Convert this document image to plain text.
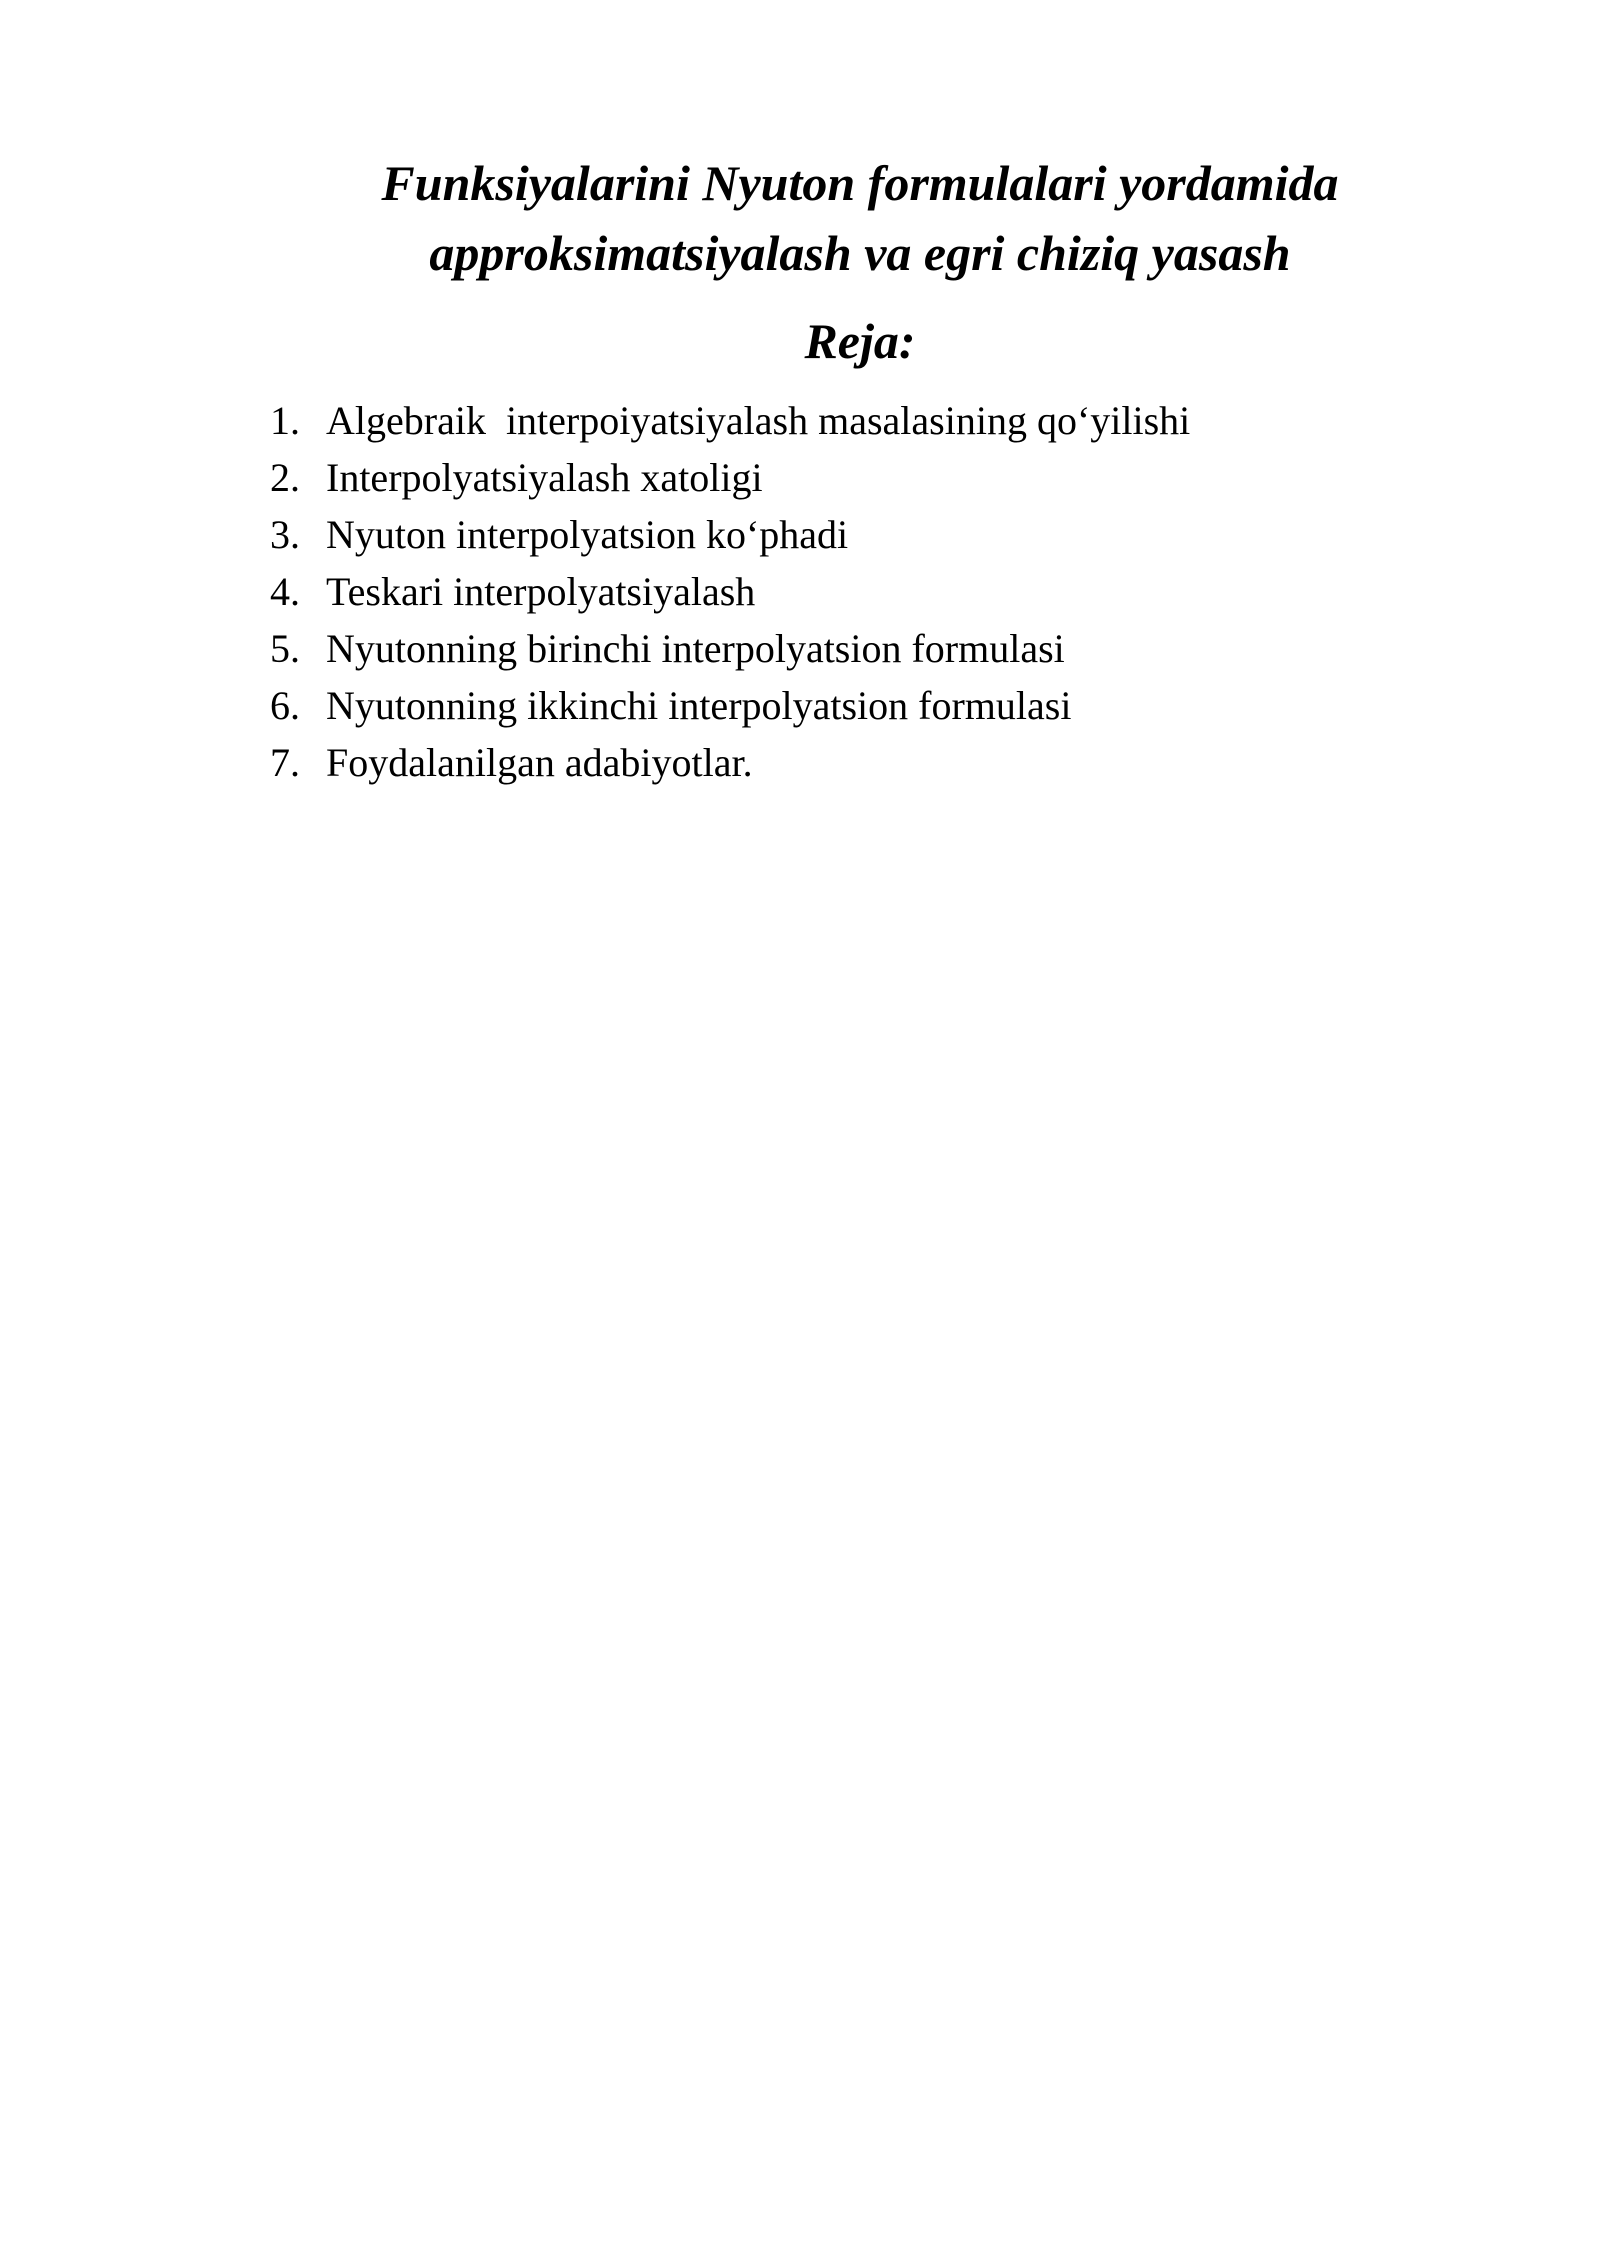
Funksiyalarini Nyuton formulalari yordamida
approksimatsiyalash va egri chiziq yasash
Reja:
1. Algebraik  interpoiyatsiyalash masalasining qo‘yilishi
2. Interpolyatsiyalash xatoligi
3. Nyuton interpolyatsion ko‘phadi
4. Teskari interpolyatsiyalash
5. Nyutonning birinchi interpolyatsion formulasi
6. Nyutonning ikkinchi interpolyatsion formulasi
7. Foydalanilgan adabiyotlar.
